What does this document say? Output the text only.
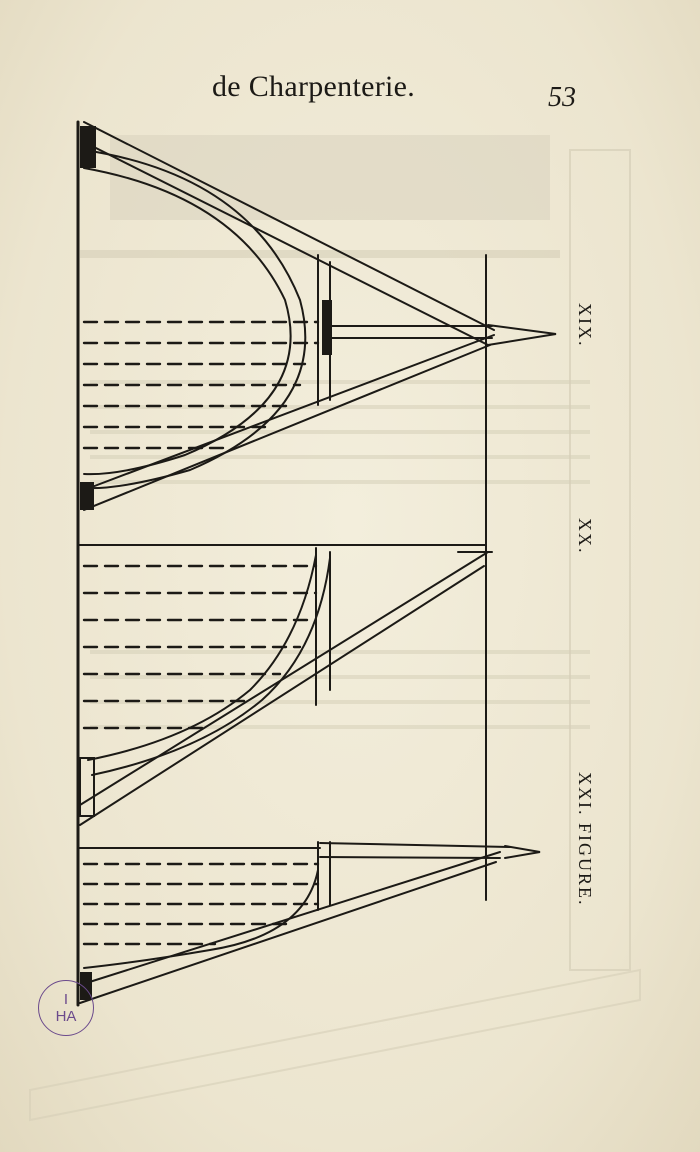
de Charpenterie.	53
XIX.
XX.
XXI. FIGURE.
I
HA
